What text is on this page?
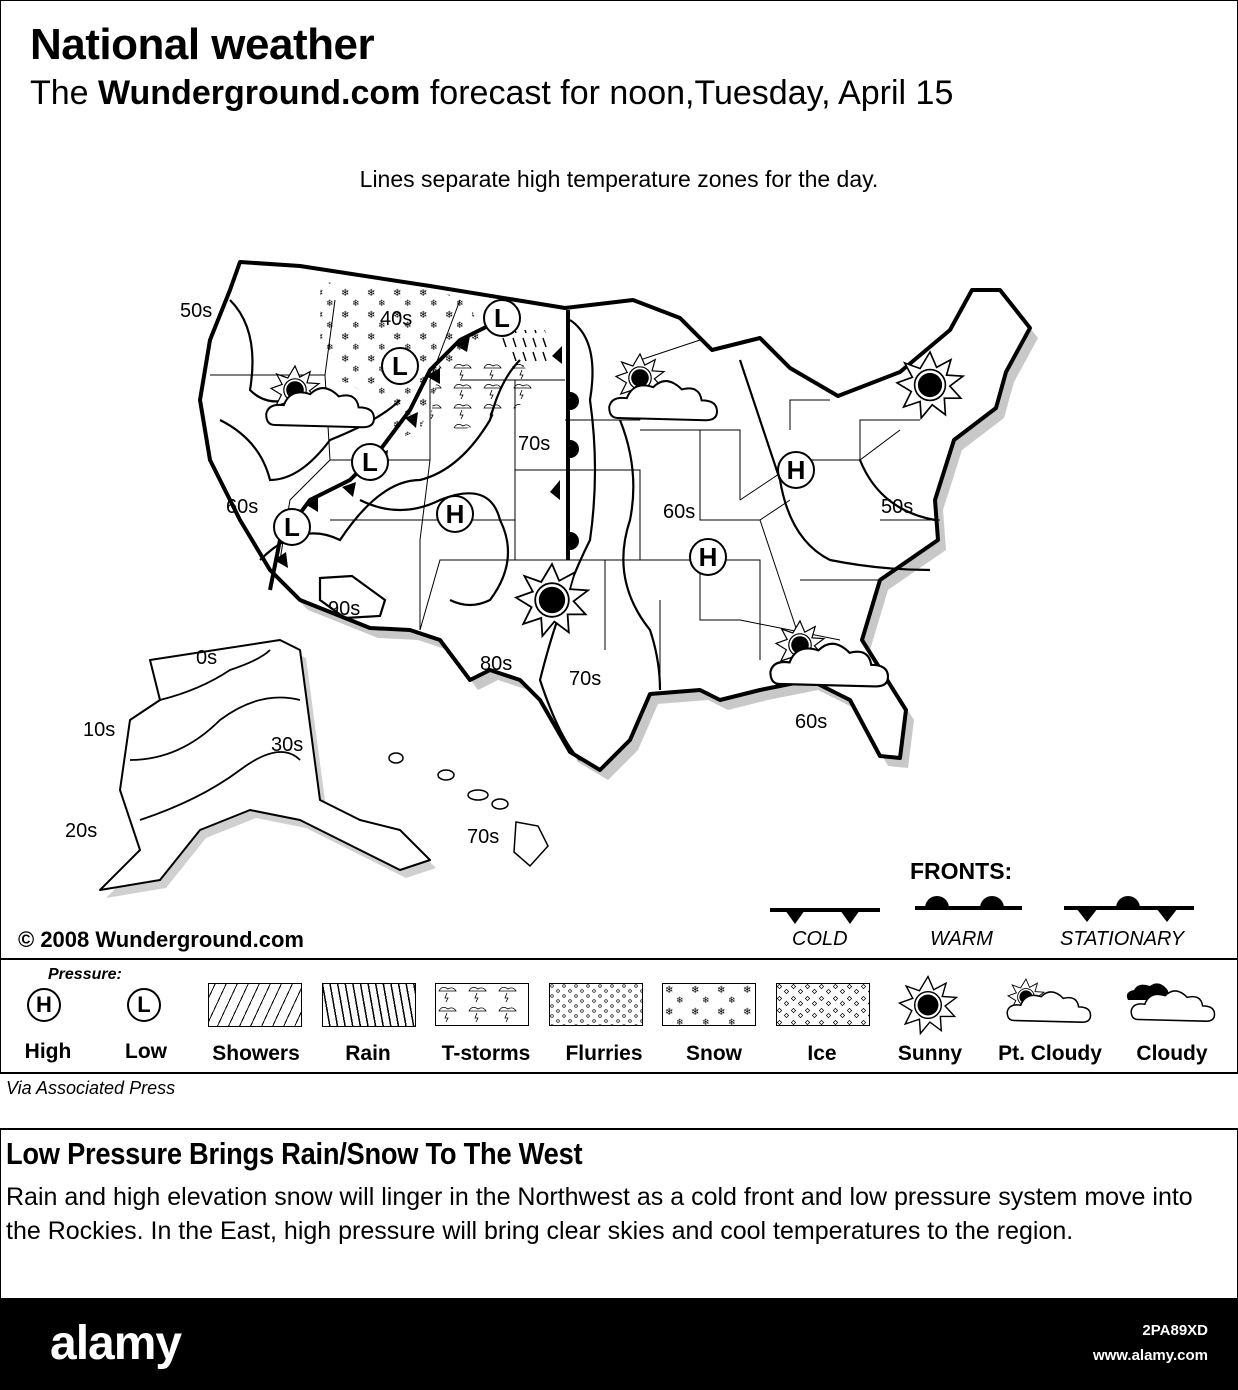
National weather
The Wunderground.com forecast for noon,Tuesday, April 15
Lines separate high temperature zones for the day.
L
L
L
L	H
H
H
50s	40s
70s
60s	60s	50s
90s
80s
70s
60s
0s
10s
30s
20s	70s
© 2008 Wunderground.com
FRONTS:
COLD	WARM	STATIONARY
Pressure:
H	L
High	Low	Showers	Rain	T-storms	Flurries	Snow	Ice	Sunny	Pt. Cloudy	Cloudy
Via Associated Press
Low Pressure Brings Rain/Snow To The West
Rain and high elevation snow will linger in the Northwest as a cold front and low pressure system move into the Rockies. In the East, high pressure will bring clear skies and cool temperatures to the region.
alamy	2PA89XD
www.alamy.com
